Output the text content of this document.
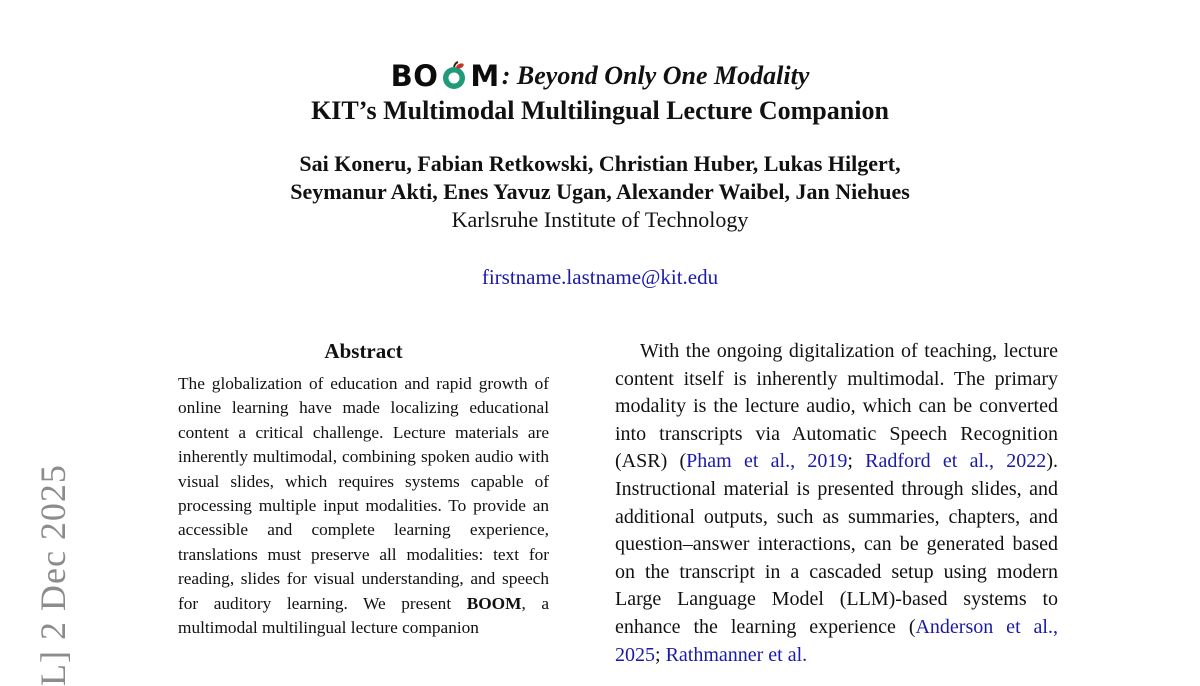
L] 2 Dec 2025
BO M : Beyond Only One Modality
KIT’s Multimodal Multilingual Lecture Companion
Sai Koneru, Fabian Retkowski, Christian Huber, Lukas Hilgert,
Seymanur Akti, Enes Yavuz Ugan, Alexander Waibel, Jan Niehues
Karlsruhe Institute of Technology
firstname.lastname@kit.edu
Abstract

The globalization of education and rapid growth of online learning have made localizing educational content a critical challenge. Lecture materials are inherently multimodal, combining spoken audio with visual slides, which requires systems capable of processing multiple input modalities. To provide an accessible and complete learning experience, translations must preserve all modalities: text for reading, slides for visual understanding, and speech for auditory learning. We present BOOM, a multimodal multilingual lecture companion

With the ongoing digitalization of teaching, lecture content itself is inherently multimodal. The primary modality is the lecture audio, which can be converted into transcripts via Automatic Speech Recognition (ASR) (Pham et al., 2019; Radford et al., 2022). Instructional material is presented through slides, and additional outputs, such as summaries, chapters, and question–answer interactions, can be generated based on the transcript in a cascaded setup using modern Large Language Model (LLM)-based systems to enhance the learning experience (Anderson et al., 2025; Rathmanner et al.
